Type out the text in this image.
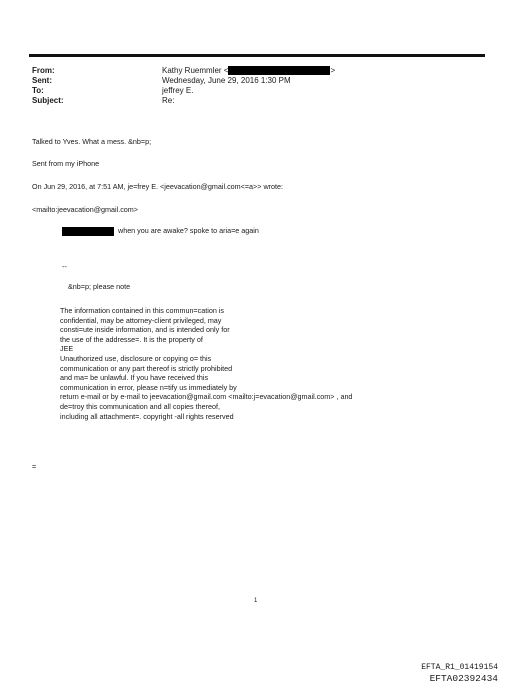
From:	Kathy Ruemmler <	>
Sent:	Wednesday, June 29, 2016 1:30 PM
To:	jeffrey E.
Subject:	Re:
Talked to Yves. What a mess. &nb=p;
Sent from my iPhone
On Jun 29, 2016, at 7:51 AM, je=frey E. <jeevacation@gmail.com<=a>> wrote:
<mailto:jeevacation@gmail.com>
when you are awake? spoke to aria=e again
--
&nb=p; please note
The information contained in this commun=cation is
confidential, may be attorney-client privileged, may
consti=ute inside information, and is intended only for
the use of the addresse=. It is the property of
JEE
Unauthorized use, disclosure or copying o= this
communication or any part thereof is strictly prohibited
and ma= be unlawful. If you have received this
communication in error, please n=tify us immediately by
return e-mail or by e-mail to jeevacation@gmail.com <mailto:j=evacation@gmail.com> , and
de=troy this communication and all copies thereof,
including all attachment=. copyright -all rights reserved
=
1
EFTA_R1_01419154
EFTA02392434
